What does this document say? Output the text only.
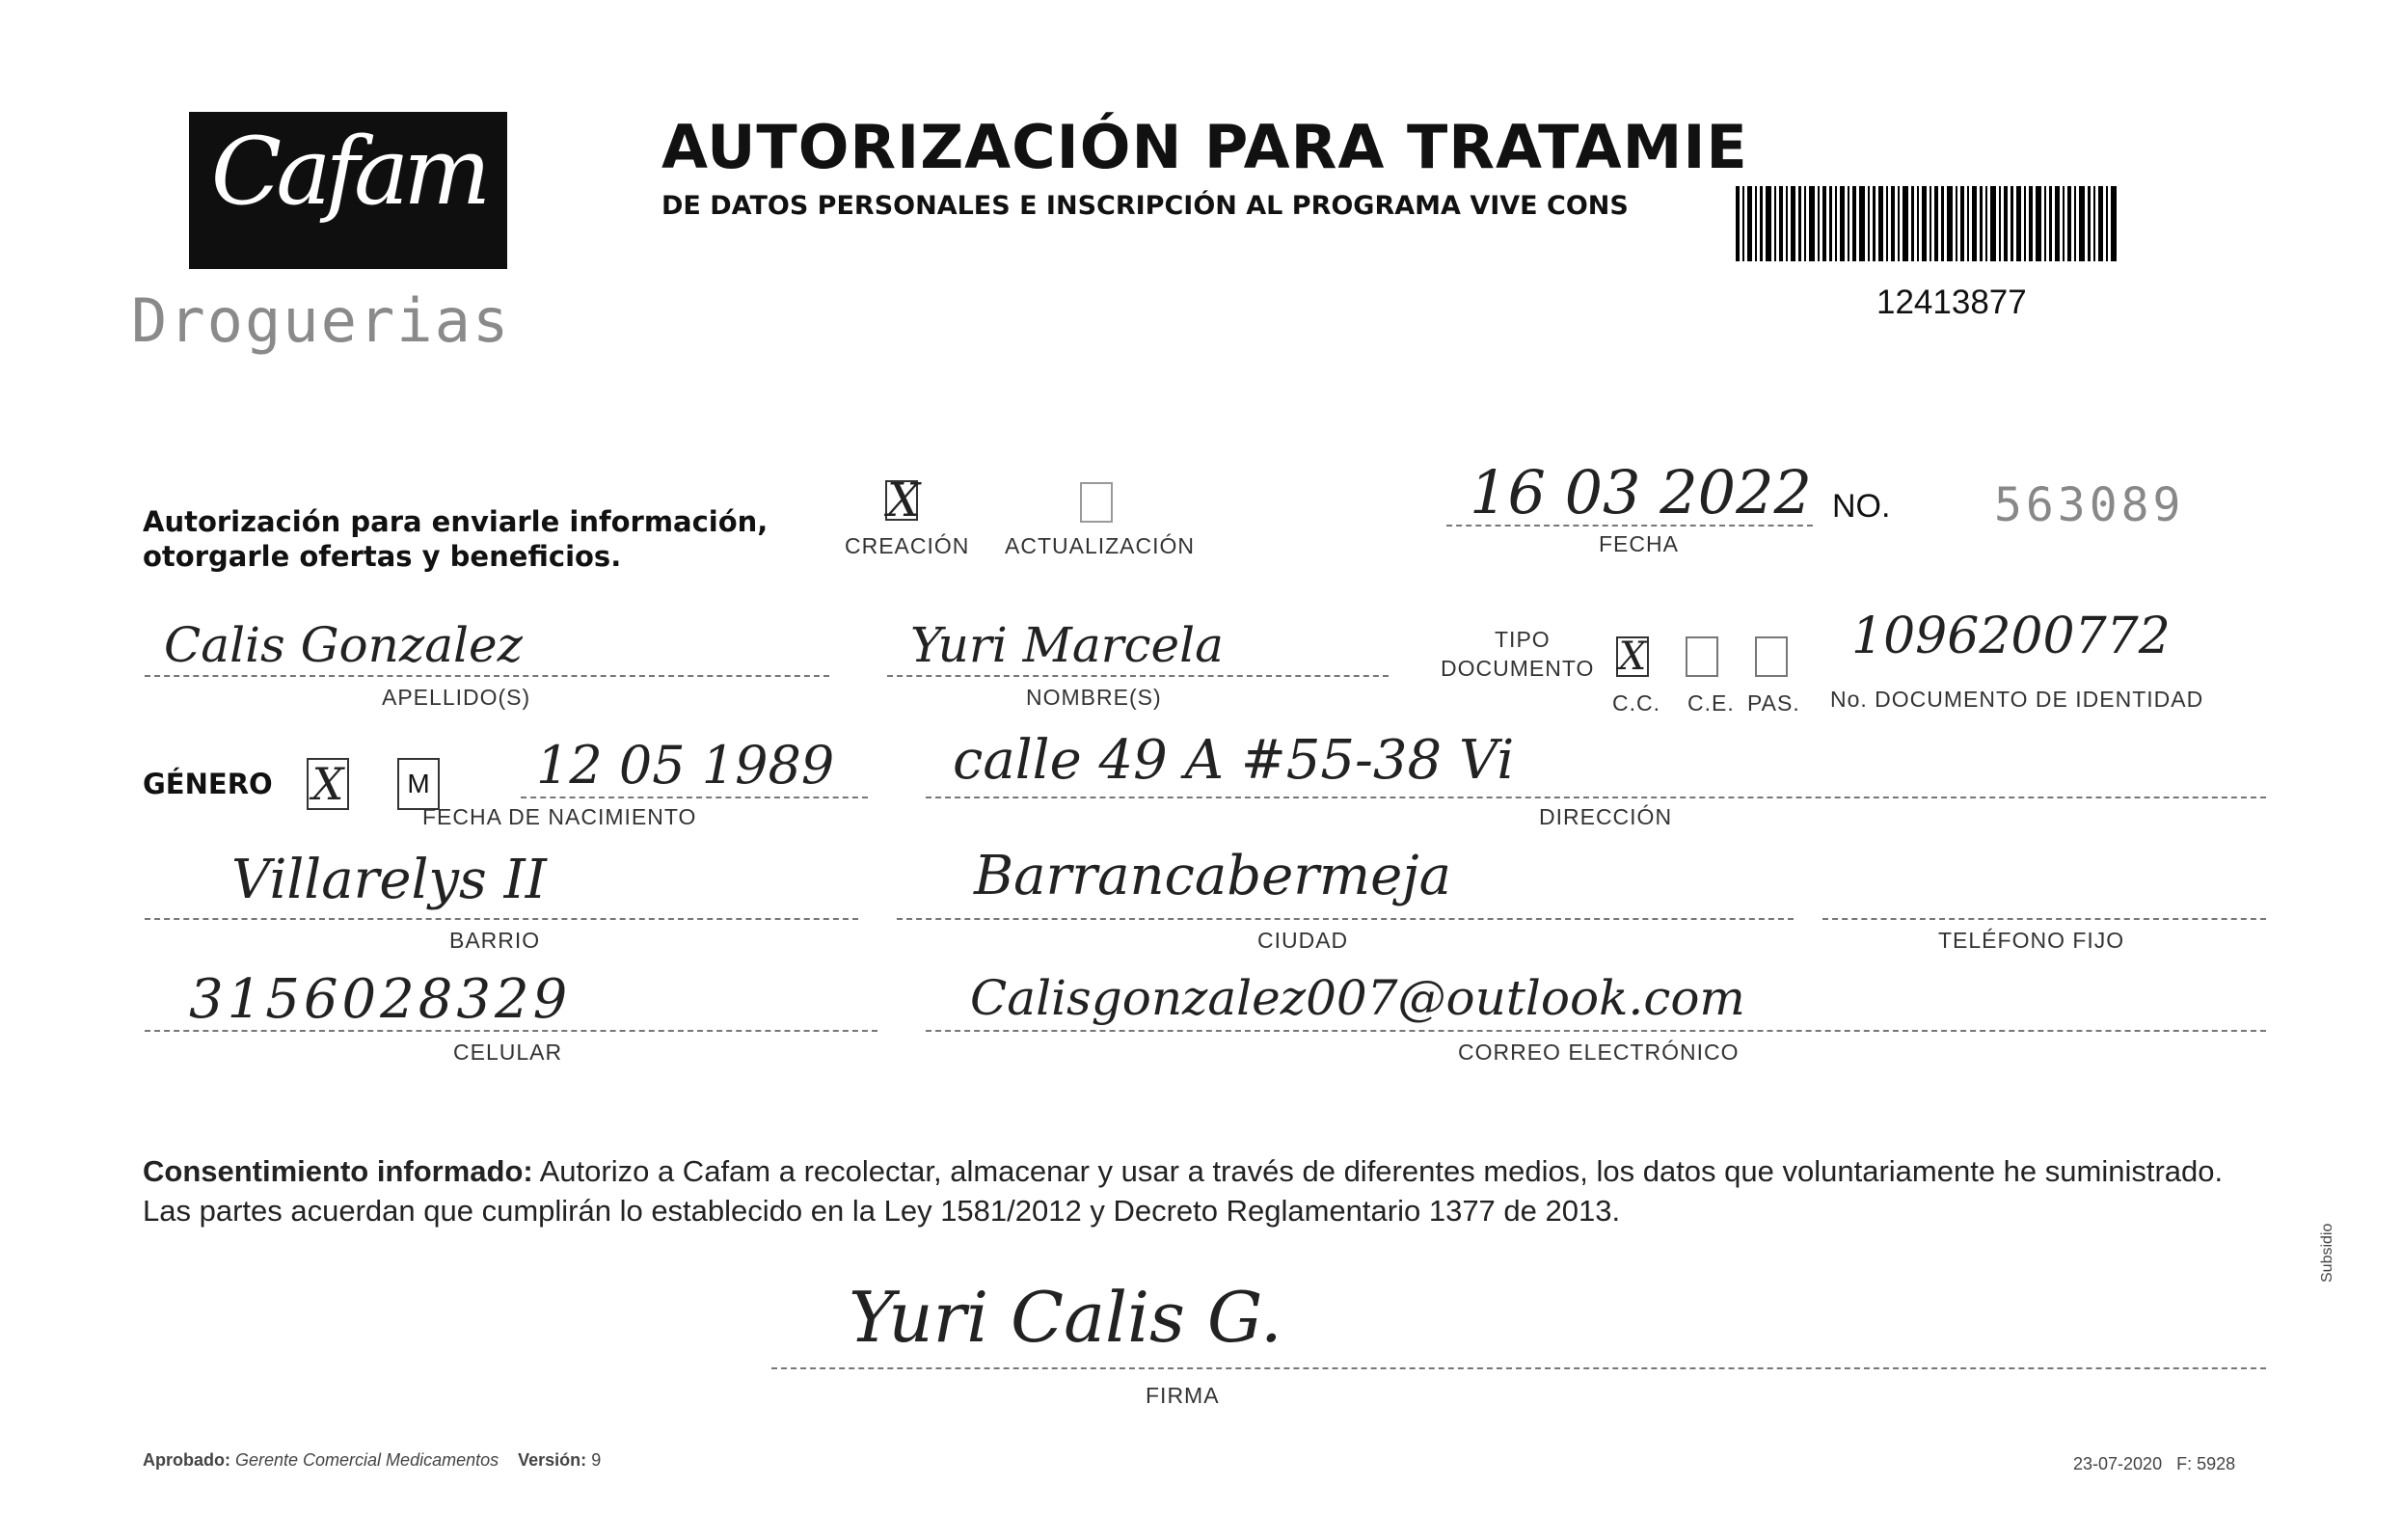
Cafam
Droguerias
AUTORIZACIÓN PARA TRATAMIE
DE DATOS PERSONALES E INSCRIPCIÓN AL PROGRAMA VIVE CONS
12413877
Autorización para enviarle información,
otorgarle ofertas y beneficios.
X
CREACIÓN ACTUALIZACIÓN
16 03 2022
FECHA
NO. 563089
Calis Gonzalez
APELLIDO(S)
Yuri Marcela
NOMBRE(S)
TIPO
DOCUMENTO X
C.C. C.E. PAS.
1096200772
No. DOCUMENTO DE IDENTIDAD
GÉNERO X	M 12 05 1989
FECHA DE NACIMIENTO
calle 49 A #55-38 Vi
DIRECCIÓN
Villarelys II
BARRIO
Barrancabermeja
CIUDAD	TELÉFONO FIJO
3156028329
CELULAR
Calisgonzalez007@outlook.com
CORREO ELECTRÓNICO
Consentimiento informado: Autorizo a Cafam a recolectar, almacenar y usar a través de diferentes medios, los datos que voluntariamente he suministrado. Las partes acuerdan que cumplirán lo establecido en la Ley 1581/2012 y Decreto Reglamentario 1377 de 2013.
Yuri Calis G.
FIRMA
Aprobado: Gerente Comercial Medicamentos Versión: 9	23-07-2020   F: 5928
Subsidio
